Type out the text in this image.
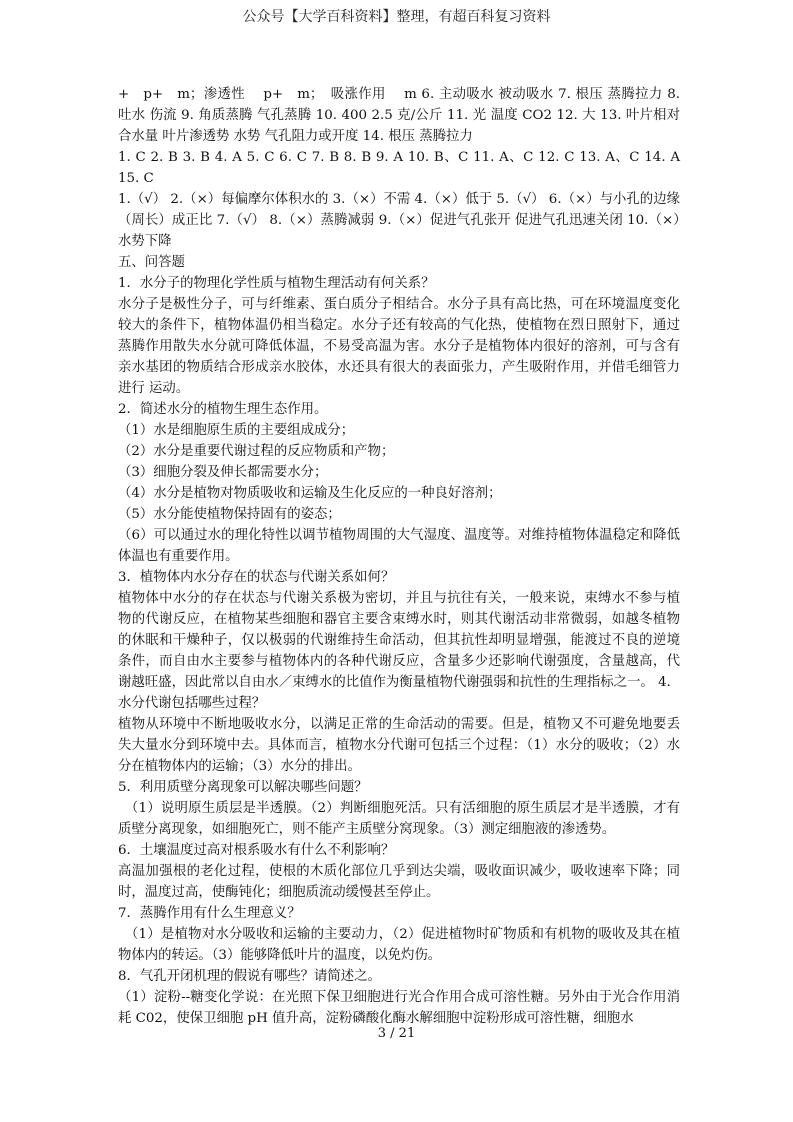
公众号【大学百科资料】整理，有超百科复习资料

+　p+　m；渗透性　 p+　m；　吸涨作用　 m 6. 主动吸水 被动吸水 7. 根压 蒸腾拉力 8. 吐水 伤流 9. 角质蒸腾 气孔蒸腾 10. 400 2.5 克/公斤 11. 光 温度 CO2 12. 大 13. 叶片相对合水量 叶片渗透势 水势 气孔阻力或开度 14. 根压 蒸腾拉力

1. C 2. B 3. B 4. A 5. C 6. C 7. B 8. B 9. A 10. B、C 11. A、C 12. C 13. A、C 14. A 15. C

1.（√） 2.（×）每偏摩尔体积水的 3.（×）不需 4.（×）低于 5.（√） 6.（×）与小孔的边缘（周长）成正比 7.（√） 8.（×）蒸腾减弱 9.（×）促进气孔张开 促进气孔迅速关闭 10.（×）水势下降

五、问答题

1．水分子的物理化学性质与植物生理活动有何关系？

水分子是极性分子，可与纤维素、蛋白质分子相结合。水分子具有高比热，可在环境温度变化较大的条件下，植物体温仍相当稳定。水分子还有较高的气化热，使植物在烈日照射下，通过蒸腾作用散失水分就可降低体温，不易受高温为害。水分子是植物体内很好的溶剂，可与含有亲水基团的物质结合形成亲水胶体，水还具有很大的表面张力，产生吸附作用，并借毛细管力进行 运动。

2．简述水分的植物生理生态作用。

（1）水是细胞原生质的主要组成成分；

（2）水分是重要代谢过程的反应物质和产物；

（3）细胞分裂及伸长都需要水分；

（4）水分是植物对物质吸收和运输及生化反应的一种良好溶剂；

（5）水分能使植物保持固有的姿态；

（6）可以通过水的理化特性以调节植物周围的大气湿度、温度等。对维持植物体温稳定和降低体温也有重要作用。

3．植物体内水分存在的状态与代谢关系如何？

植物体中水分的存在状态与代谢关系极为密切，并且与抗往有关，一般来说，束缚水不参与植物的代谢反应，在植物某些细胞和器官主要含束缚水时，则其代谢活动非常微弱，如越冬植物的休眠和干燥种子，仅以极弱的代谢维持生命活动，但其抗性却明显增强，能渡过不良的逆境条件，而自由水主要参与植物体内的各种代谢反应，含量多少还影响代谢强度，含量越高，代谢越旺盛，因此常以自由水／束缚水的比值作为衡量植物代谢强弱和抗性的生理指标之一。 4．水分代谢包括哪些过程？

植物从环境中不断地吸收水分，以满足正常的生命活动的需要。但是，植物又不可避免地要丢失大量水分到环境中去。具体而言，植物水分代谢可包括三个过程：（1）水分的吸收；（2）水分在植物体内的运输；（3）水分的排出。

5．利用质壁分离现象可以解决哪些问题？

　（1）说明原生质层是半透膜。（2）判断细胞死活。只有活细胞的原生质层才是半透膜，才有质壁分离现象，如细胞死亡，则不能产主质壁分窝现象。（3）测定细胞液的渗透势。

6．土壤温度过高对根系吸水有什么不利影响？

高温加强根的老化过程，使根的木质化部位几乎到达尖端，吸收面识减少，吸收速率下降；同时，温度过高，使酶钝化；细胞质流动缓慢甚至停止。

7．蒸腾作用有什么生理意义？

　（1）是植物对水分吸收和运输的主要动力，（2）促进植物时矿物质和有机物的吸收及其在植物体内的转运。（3）能够降低叶片的温度，以免灼伤。

8．气孔开闭机理的假说有哪些？请简述之。

（1）淀粉--糖变化学说：在光照下保卫细胞进行光合作用合成可溶性糖。另外由于光合作用消耗 C02，使保卫细胞 pH 值升高，淀粉磷酸化酶水解细胞中淀粉形成可溶性糖，细胞水

3 / 21
